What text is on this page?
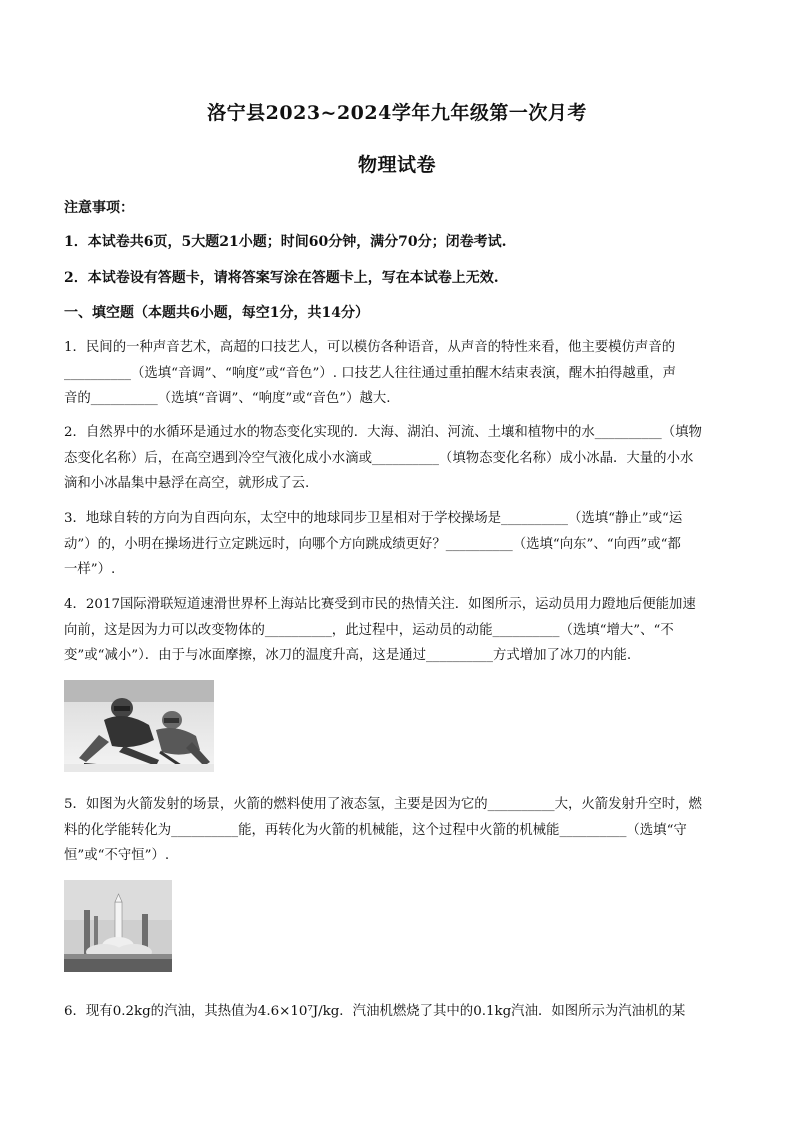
洛宁县2023~2024学年九年级第一次月考
物理试卷
注意事项：
1．本试卷共6页，5大题21小题；时间60分钟，满分70分；闭卷考试.
2．本试卷设有答题卡，请将答案写涂在答题卡上，写在本试卷上无效.
一、填空题（本题共6小题，每空1分，共14分）
1．民间的一种声音艺术，高超的口技艺人，可以模仿各种语音，从声音的特性来看，他主要模仿声音的
__________（选填“音调”、“响度”或“音色”）. 口技艺人往往通过重拍醒木结束表演，醒木拍得越重，声
音的__________（选填“音调”、“响度”或“音色”）越大.
2．自然界中的水循环是通过水的物态变化实现的．大海、湖泊、河流、土壤和植物中的水__________（填物
态变化名称）后，在高空遇到冷空气液化成小水滴或__________（填物态变化名称）成小冰晶．大量的小水
滴和小冰晶集中悬浮在高空，就形成了云.
3．地球自转的方向为自西向东，太空中的地球同步卫星相对于学校操场是__________（选填“静止”或“运
动”）的，小明在操场进行立定跳远时，向哪个方向跳成绩更好？__________（选填“向东”、“向西”或“都
一样”）.
4．2017国际滑联短道速滑世界杯上海站比赛受到市民的热情关注．如图所示，运动员用力蹬地后便能加速
向前，这是因为力可以改变物体的__________，此过程中，运动员的动能__________（选填“增大”、“不
变”或“减小”）．由于与冰面摩擦，冰刀的温度升高，这是通过__________方式增加了冰刀的内能.
5．如图为火箭发射的场景，火箭的燃料使用了液态氢，主要是因为它的__________大，火箭发射升空时，燃
料的化学能转化为__________能，再转化为火箭的机械能，这个过程中火箭的机械能__________（选填“守
恒”或“不守恒”）.
6．现有0.2kg的汽油，其热值为4.6×10⁷J/kg．汽油机燃烧了其中的0.1kg汽油．如图所示为汽油机的某
